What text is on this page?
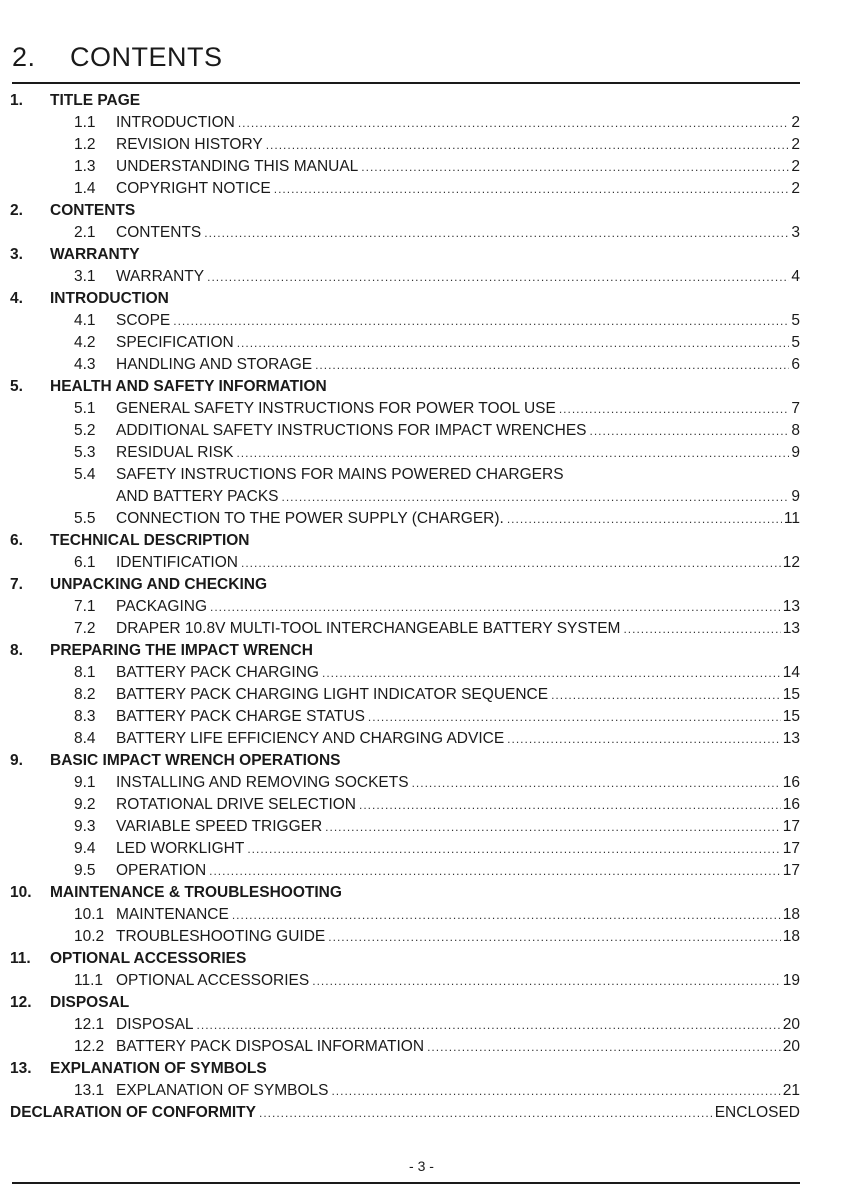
2. CONTENTS
1.	TITLE PAGE
1.1	INTRODUCTION .....	2
1.2	REVISION HISTORY .....	2
1.3	UNDERSTANDING THIS MANUAL .....	2
1.4	COPYRIGHT NOTICE .....	2
2.	CONTENTS
2.1	CONTENTS .....	3
3.	WARRANTY
3.1	WARRANTY .....	4
4.	INTRODUCTION
4.1	SCOPE .....	5
4.2	SPECIFICATION .....	5
4.3	HANDLING AND STORAGE .....	6
5.	HEALTH AND SAFETY INFORMATION
5.1	GENERAL SAFETY INSTRUCTIONS FOR POWER TOOL USE .....	7
5.2	ADDITIONAL SAFETY INSTRUCTIONS FOR IMPACT WRENCHES .....	8
5.3	RESIDUAL RISK .....	9
5.4	SAFETY INSTRUCTIONS FOR MAINS POWERED CHARGERS
AND BATTERY PACKS .....	9
5.5	CONNECTION TO THE POWER SUPPLY (CHARGER). .....	11
6.	TECHNICAL DESCRIPTION
6.1	IDENTIFICATION .....	12
7.	UNPACKING AND CHECKING
7.1	PACKAGING .....	13
7.2	DRAPER 10.8V MULTI-TOOL INTERCHANGEABLE BATTERY SYSTEM .....	13
8.	PREPARING THE IMPACT WRENCH
8.1	BATTERY PACK CHARGING .....	14
8.2	BATTERY PACK CHARGING LIGHT INDICATOR SEQUENCE .....	15
8.3	BATTERY PACK CHARGE STATUS .....	15
8.4	BATTERY LIFE EFFICIENCY AND CHARGING ADVICE .....	13
9.	BASIC IMPACT WRENCH OPERATIONS
9.1	INSTALLING AND REMOVING SOCKETS .....	16
9.2	ROTATIONAL DRIVE SELECTION .....	16
9.3	VARIABLE SPEED TRIGGER .....	17
9.4	LED WORKLIGHT .....	17
9.5	OPERATION .....	17
10.	MAINTENANCE & TROUBLESHOOTING
10.1 MAINTENANCE .....	18
10.2 TROUBLESHOOTING GUIDE .....	18
11.	OPTIONAL ACCESSORIES
11.1 OPTIONAL ACCESSORIES .....	19
12.	DISPOSAL
12.1 DISPOSAL .....	20
12.2 BATTERY PACK DISPOSAL INFORMATION .....	20
13.	EXPLANATION OF SYMBOLS
13.1 EXPLANATION OF SYMBOLS .....	21
DECLARATION OF CONFORMITY .....	ENCLOSED
- 3 -
